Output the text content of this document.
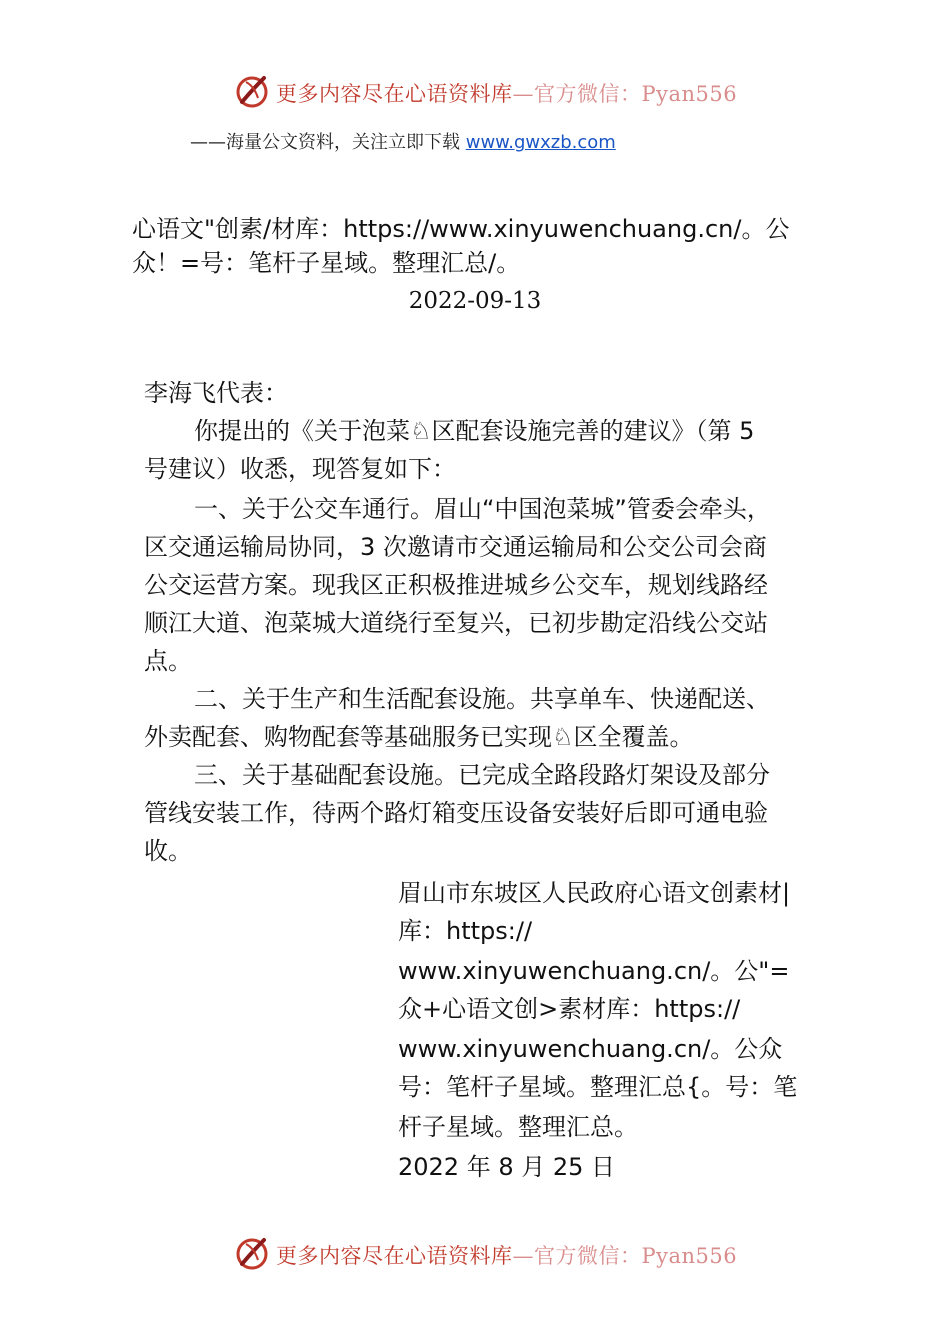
更多内容尽在心语资料库—官方微信：Pyan556
——海量公文资料，关注立即下载 www.gwxzb.com
心语文"创素/材库：https://www.xinyuwenchuang.cn/。公
众！=号：笔杆子星域。整理汇总/。
2022-09-13
李海飞代表：
你提出的《关于泡菜♘区配套设施完善的建议》（第 5
号建议）收悉，现答复如下：
一、关于公交车通行。眉山“中国泡菜城”管委会牵头，
区交通运输局协同，3 次邀请市交通运输局和公交公司会商
公交运营方案。现我区正积极推进城乡公交车，规划线路经
顺江大道、泡菜城大道绕行至复兴，已初步勘定沿线公交站
点。
二、关于生产和生活配套设施。共享单车、快递配送、
外卖配套、购物配套等基础服务已实现♘区全覆盖。
三、关于基础配套设施。已完成全路段路灯架设及部分
管线安装工作，待两个路灯箱变压设备安装好后即可通电验
收。
眉山市东坡区人民政府心语文创素材|
库：https://
www.xinyuwenchuang.cn/。公"=
众+心语文创>素材库：https://
www.xinyuwenchuang.cn/。公众
号：笔杆子星域。整理汇总{。号：笔
杆子星域。整理汇总。
2022 年 8 月 25 日
更多内容尽在心语资料库—官方微信：Pyan556
